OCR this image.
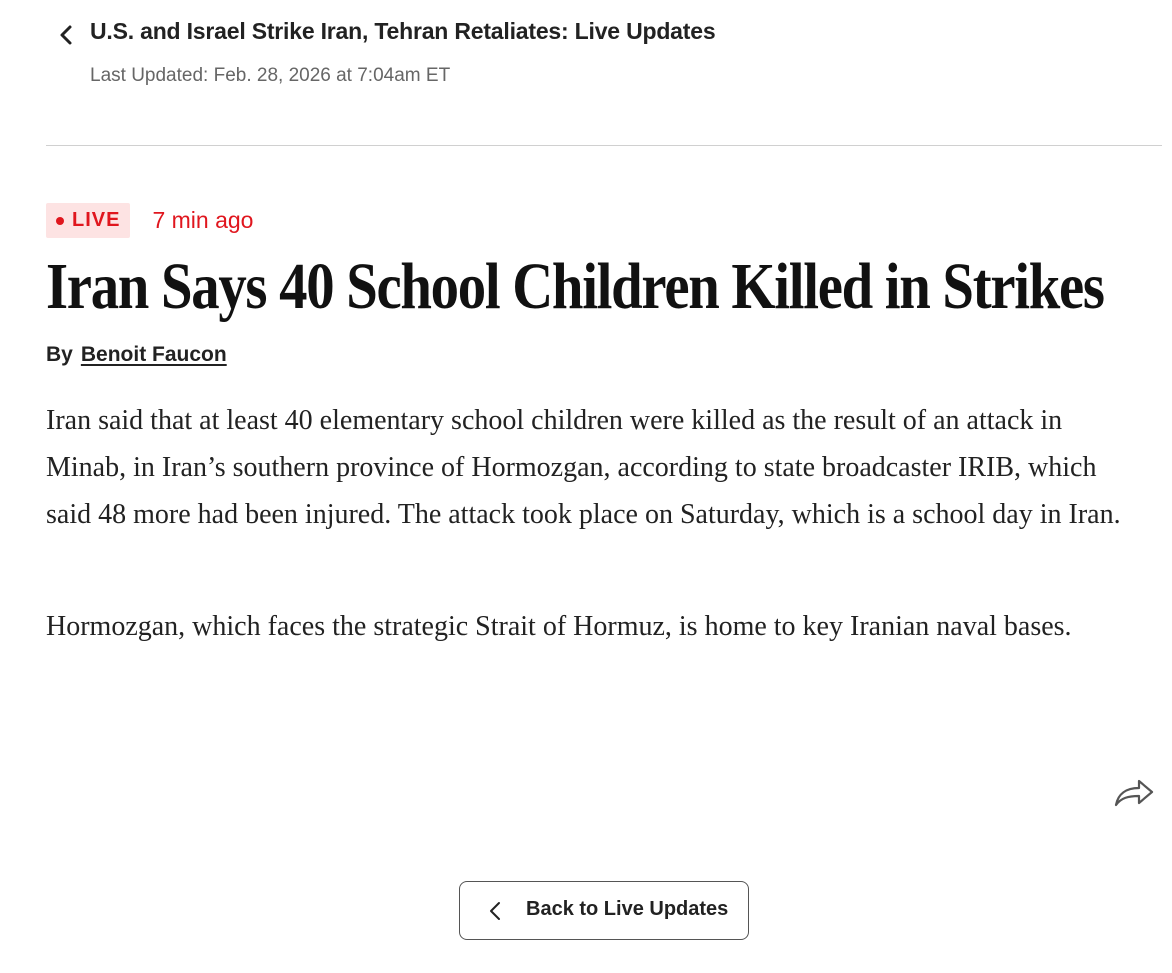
U.S. and Israel Strike Iran, Tehran Retaliates: Live Updates
Last Updated: Feb. 28, 2026 at 7:04am ET
LIVE 7 min ago
Iran Says 40 School Children Killed in Strikes
By Benoit Faucon

Iran said that at least 40 elementary school children were killed as the result of an attack in Minab, in Iran’s southern province of Hormozgan, according to state broadcaster IRIB, which said 48 more had been injured. The attack took place on Saturday, which is a school day in Iran.

Hormozgan, which faces the strategic Strait of Hormuz, is home to key Iranian naval bases.

Back to Live Updates
